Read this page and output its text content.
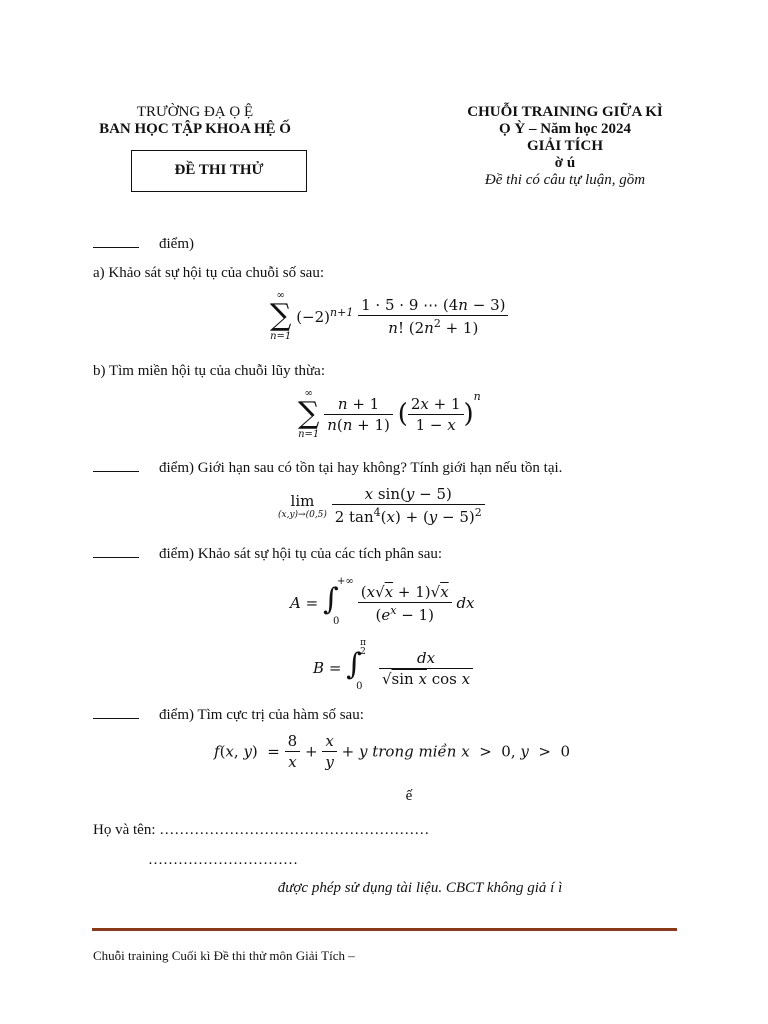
TRƯỜNG ĐẠ Ọ Ệ
BAN HỌC TẬP KHOA HỆ Ố
ĐỀ THI THỬ
CHUỖI TRAINING GIỮA KÌ
Ọ Ỳ – Năm học 2024
GIẢI TÍCH
ờ ú
Đề thi có câu tự luận, gồm
điểm)
a) Khảo sát sự hội tụ của chuỗi số sau:
∞
∑
n=1
$(-2)^{n+1} \frac{1 \cdot 5 \cdot 9 \cdots (4n - 3)}{n! (2n^2 + 1)}$
b) Tìm miền hội tụ của chuỗi lũy thừa:
∞
∑
n=1

$\frac{n + 1}{n(n + 1)}$ ( $\frac{2x + 1}{1 - x} )^n$
điểm) Giới hạn sau có tồn tại hay không? Tính giới hạn nếu tồn tại.
lim
(x,y)→(0,5)
$\frac{\text{x sin(y − 5)}}{2 \tan^4(x) + (y - 5)^2}$
điểm) Khảo sát sự hội tụ của các tích phân sau:
A = ∫
+∞
0
$\frac{(x√x + 1)√x}{(e^x - 1)}$ dx
B = ∫
π
2
0
$\frac{dx}{\text{√sin x cos x}}$
điểm) Tìm cực trị của hàm số sau:
f(x, $y) = \frac{8}{x} + \frac{x}{y} + y$ trong miền x  >  0, y  >  0
ế
Họ và tên: ………………………………………………
…………………………
được phép sử dụng tài liệu. CBCT không giả í ì
Chuỗi training Cuối kì Đề thi thử môn Giải Tích –
